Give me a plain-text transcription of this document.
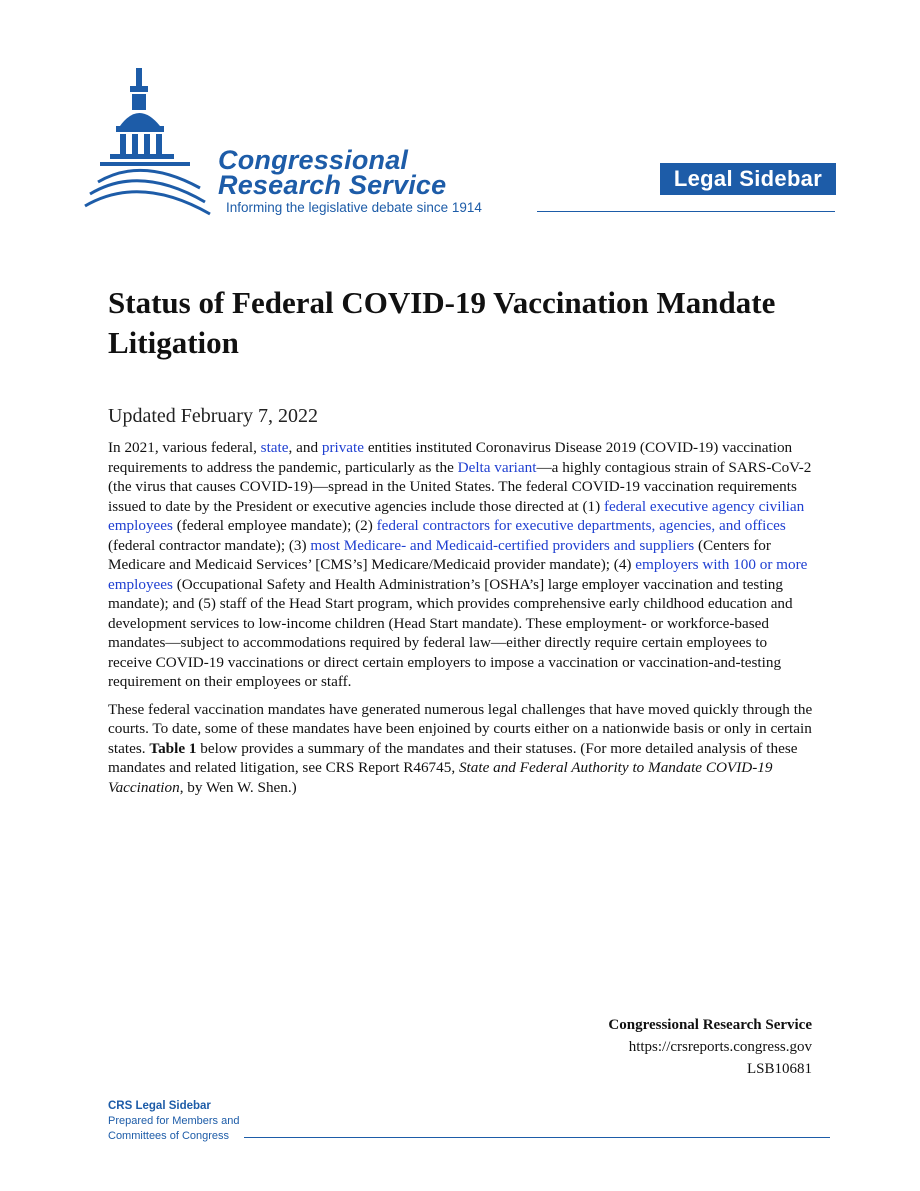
Congressional
Research Service
Informing the legislative debate since 1914
Legal Sidebar
Status of Federal COVID-19 Vaccination Mandate Litigation
Updated February 7, 2022

In 2021, various federal, state, and private entities instituted Coronavirus Disease 2019 (COVID-19) vaccination requirements to address the pandemic, particularly as the Delta variant—a highly contagious strain of SARS-CoV-2 (the virus that causes COVID-19)—spread in the United States. The federal COVID-19 vaccination requirements issued to date by the President or executive agencies include those directed at (1) federal executive agency civilian employees (federal employee mandate); (2) federal contractors for executive departments, agencies, and offices (federal contractor mandate); (3) most Medicare- and Medicaid-certified providers and suppliers (Centers for Medicare and Medicaid Services’ [CMS’s] Medicare/Medicaid provider mandate); (4) employers with 100 or more employees (Occupational Safety and Health Administration’s [OSHA’s] large employer vaccination and testing mandate); and (5) staff of the Head Start program, which provides comprehensive early childhood education and development services to low-income children (Head Start mandate). These employment- or workforce-based mandates—subject to accommodations required by federal law—either directly require certain employees to receive COVID-19 vaccinations or direct certain employers to impose a vaccination or vaccination-and-testing requirement on their employees or staff.

These federal vaccination mandates have generated numerous legal challenges that have moved quickly through the courts. To date, some of these mandates have been enjoined by courts either on a nationwide basis or only in certain states. Table 1 below provides a summary of the mandates and their statuses. (For more detailed analysis of these mandates and related litigation, see CRS Report R46745, State and Federal Authority to Mandate COVID-19 Vaccination, by Wen W. Shen.)

Congressional Research Service
https://crsreports.congress.gov
LSB10681
CRS Legal Sidebar
Prepared for Members and
Committees of Congress
